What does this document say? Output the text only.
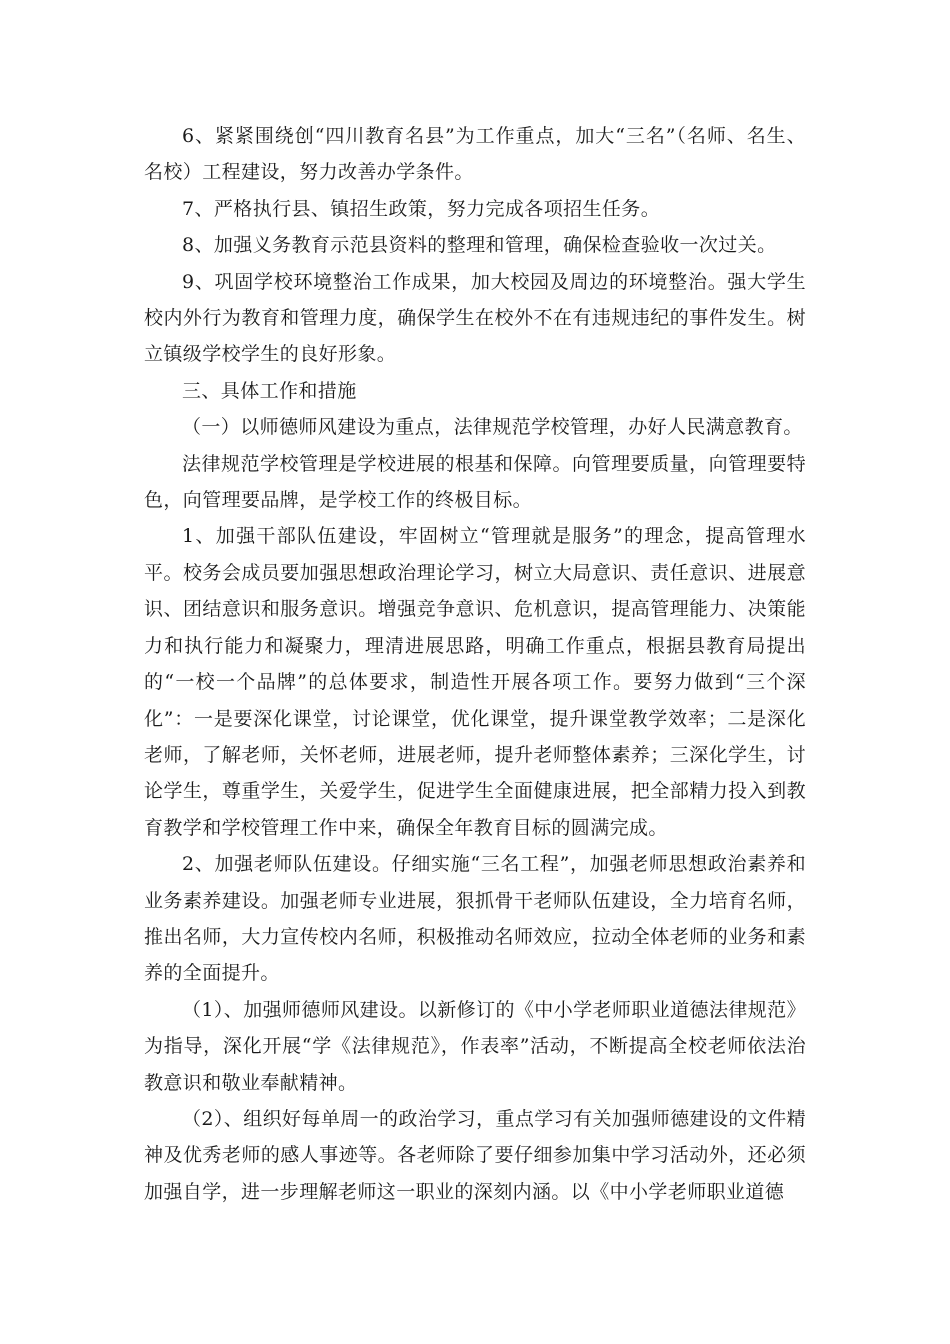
6、紧紧围绕创“四川教育名县”为工作重点，加大“三名”（名师、名生、名校）工程建设，努力改善办学条件。

7、严格执行县、镇招生政策，努力完成各项招生任务。

8、加强义务教育示范县资料的整理和管理，确保检查验收一次过关。

9、巩固学校环境整治工作成果，加大校园及周边的环境整治。强大学生校内外行为教育和管理力度，确保学生在校外不在有违规违纪的事件发生。树立镇级学校学生的良好形象。

三、具体工作和措施

（一）以师德师风建设为重点，法律规范学校管理，办好人民满意教育。

法律规范学校管理是学校进展的根基和保障。向管理要质量，向管理要特色，向管理要品牌，是学校工作的终极目标。

1、加强干部队伍建设，牢固树立“管理就是服务”的理念，提高管理水平。校务会成员要加强思想政治理论学习，树立大局意识、责任意识、进展意识、团结意识和服务意识。增强竞争意识、危机意识，提高管理能力、决策能力和执行能力和凝聚力，理清进展思路，明确工作重点，根据县教育局提出的“一校一个品牌”的总体要求，制造性开展各项工作。要努力做到“三个深化”：一是要深化课堂，讨论课堂，优化课堂，提升课堂教学效率；二是深化老师，了解老师，关怀老师，进展老师，提升老师整体素养；三深化学生，讨论学生，尊重学生，关爱学生，促进学生全面健康进展，把全部精力投入到教育教学和学校管理工作中来，确保全年教育目标的圆满完成。

2、加强老师队伍建设。仔细实施“三名工程”，加强老师思想政治素养和业务素养建设。加强老师专业进展，狠抓骨干老师队伍建设，全力培育名师，推出名师，大力宣传校内名师，积极推动名师效应，拉动全体老师的业务和素养的全面提升。

（1）、加强师德师风建设。以新修订的《中小学老师职业道德法律规范》为指导，深化开展“学《法律规范》，作表率”活动，不断提高全校老师依法治教意识和敬业奉献精神。

（2）、组织好每单周一的政治学习，重点学习有关加强师德建设的文件精神及优秀老师的感人事迹等。各老师除了要仔细参加集中学习活动外，还必须加强自学，进一步理解老师这一职业的深刻内涵。以《中小学老师职业道德
